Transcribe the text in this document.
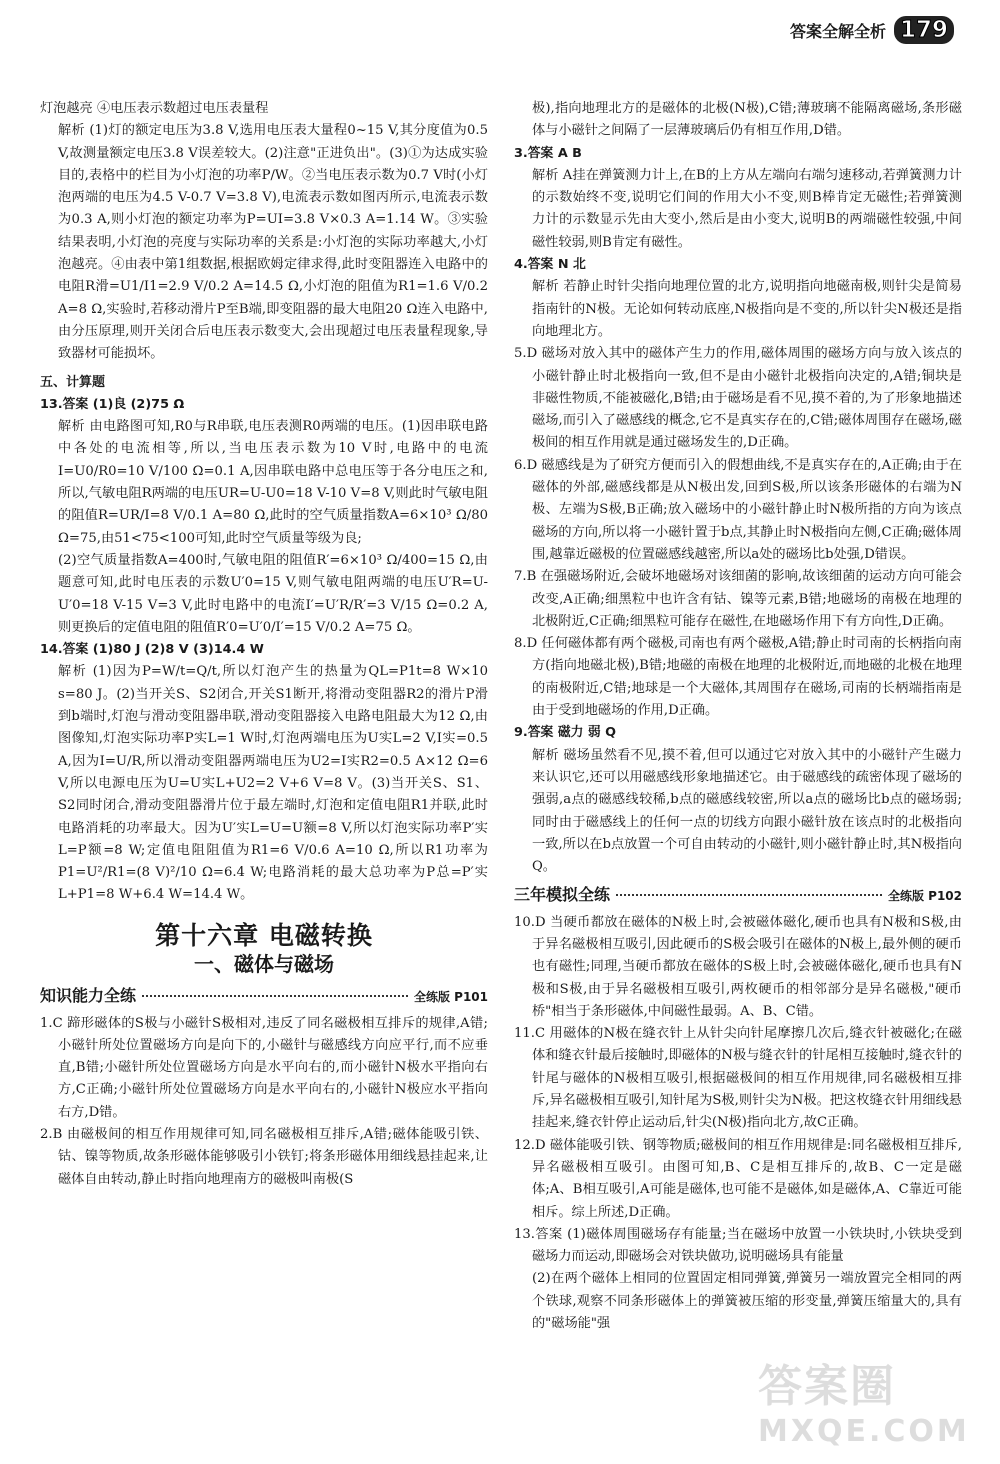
答案全解全析 179

灯泡越亮 ④电压表示数超过电压表量程

解析 (1)灯的额定电压为3.8 V,选用电压表大量程0~15 V,其分度值为0.5 V,故测量额定电压3.8 V误差较大。(2)注意"正进负出"。(3)①为达成实验目的,表格中的栏目为小灯泡的功率P/W。②当电压表示数为0.7 V时(小灯泡两端的电压为4.5 V-0.7 V=3.8 V),电流表示数如图丙所示,电流表示数为0.3 A,则小灯泡的额定功率为P=UI=3.8 V×0.3 A=1.14 W。③实验结果表明,小灯泡的亮度与实际功率的关系是:小灯泡的实际功率越大,小灯泡越亮。④由表中第1组数据,根据欧姆定律求得,此时变阻器连入电路中的电阻R滑=U1/I1=2.9 V/0.2 A=14.5 Ω,小灯泡的阻值为R1=1.6 V/0.2 A=8 Ω,实验时,若移动滑片P至B端,即变阻器的最大电阻20 Ω连入电路中,由分压原理,则开关闭合后电压表示数变大,会出现超过电压表量程现象,导致器材可能损坏。

五、计算题

13.答案 (1)良 (2)75 Ω

解析 由电路图可知,R0与R串联,电压表测R0两端的电压。(1)因串联电路中各处的电流相等,所以,当电压表示数为10 V时,电路中的电流I=U0/R0=10 V/100 Ω=0.1 A,因串联电路中总电压等于各分电压之和,所以,气敏电阻R两端的电压UR=U-U0=18 V-10 V=8 V,则此时气敏电阻的阻值R=UR/I=8 V/0.1 A=80 Ω,此时的空气质量指数A=6×10³ Ω/80 Ω=75,由51<75<100可知,此时空气质量等级为良;

(2)空气质量指数A=400时,气敏电阻的阻值R′=6×10³ Ω/400=15 Ω,由题意可知,此时电压表的示数U′0=15 V,则气敏电阻两端的电压U′R=U-U′0=18 V-15 V=3 V,此时电路中的电流I′=U′R/R′=3 V/15 Ω=0.2 A,则更换后的定值电阻的阻值R′0=U′0/I′=15 V/0.2 A=75 Ω。

14.答案 (1)80 J (2)8 V (3)14.4 W

解析 (1)因为P=W/t=Q/t,所以灯泡产生的热量为QL=P1t=8 W×10 s=80 J。(2)当开关S、S2闭合,开关S1断开,将滑动变阻器R2的滑片P滑到b端时,灯泡与滑动变阻器串联,滑动变阻器接入电路电阻最大为12 Ω,由图像知,灯泡实际功率P实L=1 W时,灯泡两端电压为U实L=2 V,I实=0.5 A,因为I=U/R,所以滑动变阻器两端电压为U2=I实R2=0.5 A×12 Ω=6 V,所以电源电压为U=U实L+U2=2 V+6 V=8 V。(3)当开关S、S1、S2同时闭合,滑动变阻器滑片位于最左端时,灯泡和定值电阻R1并联,此时电路消耗的功率最大。因为U′实L=U=U额=8 V,所以灯泡实际功率P′实L=P额=8 W;定值电阻阻值为R1=6 V/0.6 A=10 Ω,所以R1功率为P1=U²/R1=(8 V)²/10 Ω=6.4 W;电路消耗的最大总功率为P总=P′实L+P1=8 W+6.4 W=14.4 W。

第十六章 电磁转换
一、磁体与磁场
知识能力全练	全练版 P101

1.C 蹄形磁体的S极与小磁针S极相对,违反了同名磁极相互排斥的规律,A错;小磁针所处位置磁场方向是向下的,小磁针与磁感线方向应平行,而不应垂直,B错;小磁针所处位置磁场方向是水平向右的,而小磁针N极水平指向右方,C正确;小磁针所处位置磁场方向是水平向右的,小磁针N极应水平指向右方,D错。

2.B 由磁极间的相互作用规律可知,同名磁极相互排斥,A错;磁体能吸引铁、钴、镍等物质,故条形磁体能够吸引小铁钉;将条形磁体用细线悬挂起来,让磁体自由转动,静止时指向地理南方的磁极叫南极(S

极),指向地理北方的是磁体的北极(N极),C错;薄玻璃不能隔离磁场,条形磁体与小磁针之间隔了一层薄玻璃后仍有相互作用,D错。

3.答案 A B

解析 A挂在弹簧测力计上,在B的上方从左端向右端匀速移动,若弹簧测力计的示数始终不变,说明它们间的作用大小不变,则B棒肯定无磁性;若弹簧测力计的示数显示先由大变小,然后是由小变大,说明B的两端磁性较强,中间磁性较弱,则B肯定有磁性。

4.答案 N 北

解析 若静止时针尖指向地理位置的北方,说明指向地磁南极,则针尖是简易指南针的N极。无论如何转动底座,N极指向是不变的,所以针尖N极还是指向地理北方。

5.D 磁场对放入其中的磁体产生力的作用,磁体周围的磁场方向与放入该点的小磁针静止时北极指向一致,但不是由小磁针北极指向决定的,A错;铜块是非磁性物质,不能被磁化,B错;由于磁场是看不见,摸不着的,为了形象地描述磁场,而引入了磁感线的概念,它不是真实存在的,C错;磁体周围存在磁场,磁极间的相互作用就是通过磁场发生的,D正确。

6.D 磁感线是为了研究方便而引入的假想曲线,不是真实存在的,A正确;由于在磁体的外部,磁感线都是从N极出发,回到S极,所以该条形磁体的右端为N极、左端为S极,B正确;放入磁场中的小磁针静止时N极所指的方向为该点磁场的方向,所以将一小磁针置于b点,其静止时N极指向左侧,C正确;磁体周围,越靠近磁极的位置磁感线越密,所以a处的磁场比b处强,D错误。

7.B 在强磁场附近,会破坏地磁场对该细菌的影响,故该细菌的运动方向可能会改变,A正确;细黑粒中也许含有钴、镍等元素,B错;地磁场的南极在地理的北极附近,C正确;细黑粒可能存在磁性,在地磁场作用下有方向性,D正确。

8.D 任何磁体都有两个磁极,司南也有两个磁极,A错;静止时司南的长柄指向南方(指向地磁北极),B错;地磁的南极在地理的北极附近,而地磁的北极在地理的南极附近,C错;地球是一个大磁体,其周围存在磁场,司南的长柄端指南是由于受到地磁场的作用,D正确。

9.答案 磁力 弱 Q

解析 磁场虽然看不见,摸不着,但可以通过它对放入其中的小磁针产生磁力来认识它,还可以用磁感线形象地描述它。由于磁感线的疏密体现了磁场的强弱,a点的磁感线较稀,b点的磁感线较密,所以a点的磁场比b点的磁场弱;同时由于磁感线上的任何一点的切线方向跟小磁针放在该点时的北极指向一致,所以在b点放置一个可自由转动的小磁针,则小磁针静止时,其N极指向Q。

三年模拟全练	全练版 P102

10.D 当硬币都放在磁体的N极上时,会被磁体磁化,硬币也具有N极和S极,由于异名磁极相互吸引,因此硬币的S极会吸引在磁体的N极上,最外侧的硬币也有磁性;同理,当硬币都放在磁体的S极上时,会被磁体磁化,硬币也具有N极和S极,由于异名磁极相互吸引,两枚硬币的相邻部分是异名磁极,"硬币桥"相当于条形磁体,中间磁性最弱。A、B、C错。

11.C 用磁体的N极在缝衣针上从针尖向针尾摩擦几次后,缝衣针被磁化;在磁体和缝衣针最后接触时,即磁体的N极与缝衣针的针尾相互接触时,缝衣针的针尾与磁体的N极相互吸引,根据磁极间的相互作用规律,同名磁极相互排斥,异名磁极相互吸引,知针尾为S极,则针尖为N极。把这枚缝衣针用细线悬挂起来,缝衣针停止运动后,针尖(N极)指向北方,故C正确。

12.D 磁体能吸引铁、钢等物质;磁极间的相互作用规律是:同名磁极相互排斥,异名磁极相互吸引。由图可知,B、C是相互排斥的,故B、C一定是磁体;A、B相互吸引,A可能是磁体,也可能不是磁体,如是磁体,A、C靠近可能相斥。综上所述,D正确。

13.答案 (1)磁体周围磁场存有能量;当在磁场中放置一小铁块时,小铁块受到磁场力而运动,即磁场会对铁块做功,说明磁场具有能量

(2)在两个磁体上相同的位置固定相同弹簧,弹簧另一端放置完全相同的两个铁球,观察不同条形磁体上的弹簧被压缩的形变量,弹簧压缩量大的,具有的"磁场能"强

答案圈
MXQE.COM
